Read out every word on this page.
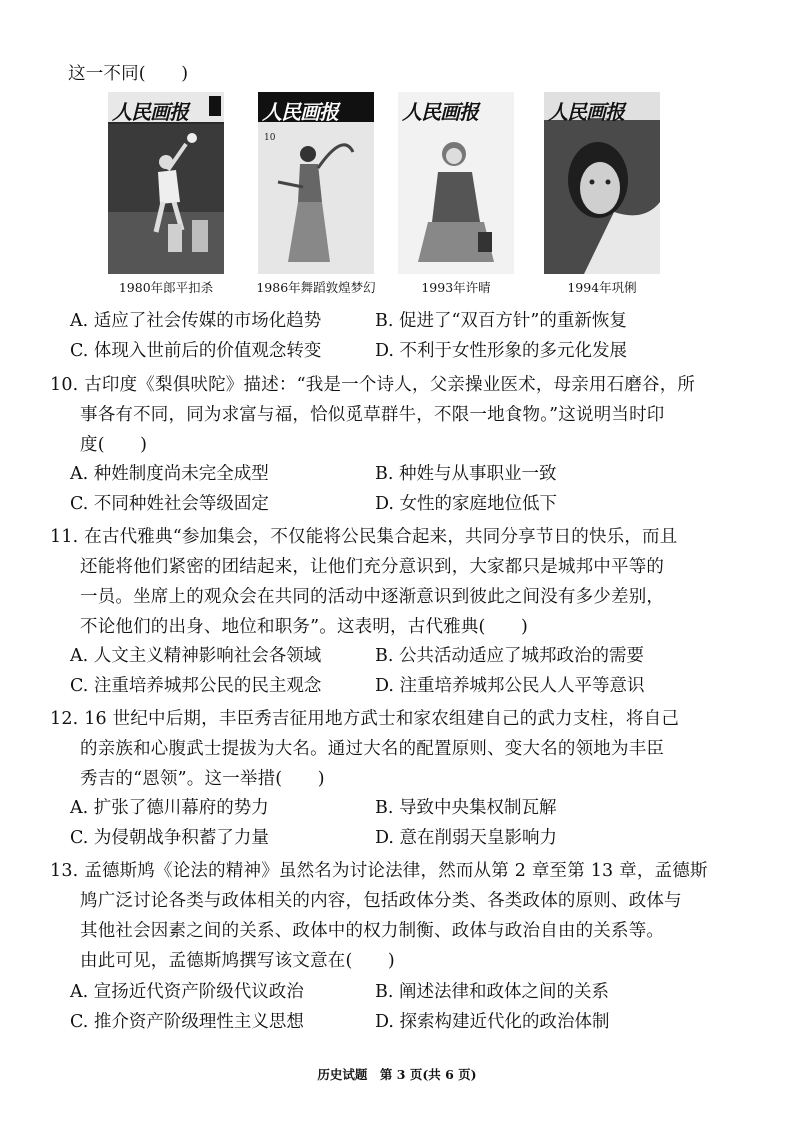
这一不同(　　)
人民画报
1980年郎平扣杀
人民画报
10
1986年舞蹈敦煌梦幻
人民画报
1993年许晴
人民画报
1994年巩俐
A. 适应了社会传媒的市场化趋势	B. 促进了“双百方针”的重新恢复
C. 体现入世前后的价值观念转变	D. 不利于女性形象的多元化发展
10. 古印度《梨俱吠陀》描述：“我是一个诗人，父亲操业医术，母亲用石磨谷，所
事各有不同，同为求富与福，恰似觅草群牛，不限一地食物。”这说明当时印
度(　　)
A. 种姓制度尚未完全成型	B. 种姓与从事职业一致
C. 不同种姓社会等级固定	D. 女性的家庭地位低下
11. 在古代雅典“参加集会，不仅能将公民集合起来，共同分享节日的快乐，而且
还能将他们紧密的团结起来，让他们充分意识到，大家都只是城邦中平等的
一员。坐席上的观众会在共同的活动中逐渐意识到彼此之间没有多少差别，
不论他们的出身、地位和职务”。这表明，古代雅典(　　)
A. 人文主义精神影响社会各领域	B. 公共活动适应了城邦政治的需要
C. 注重培养城邦公民的民主观念	D. 注重培养城邦公民人人平等意识
12. 16 世纪中后期，丰臣秀吉征用地方武士和家农组建自己的武力支柱，将自己
的亲族和心腹武士提拔为大名。通过大名的配置原则、变大名的领地为丰臣
秀吉的“恩领”。这一举措(　　)
A. 扩张了德川幕府的势力	B. 导致中央集权制瓦解
C. 为侵朝战争积蓄了力量	D. 意在削弱天皇影响力
13. 孟德斯鸠《论法的精神》虽然名为讨论法律，然而从第 2 章至第 13 章，孟德斯
鸠广泛讨论各类与政体相关的内容，包括政体分类、各类政体的原则、政体与
其他社会因素之间的关系、政体中的权力制衡、政体与政治自由的关系等。
由此可见，孟德斯鸠撰写该文意在(　　)
A. 宣扬近代资产阶级代议政治	B. 阐述法律和政体之间的关系
C. 推介资产阶级理性主义思想	D. 探索构建近代化的政治体制
历史试题　第 3 页(共 6 页)
